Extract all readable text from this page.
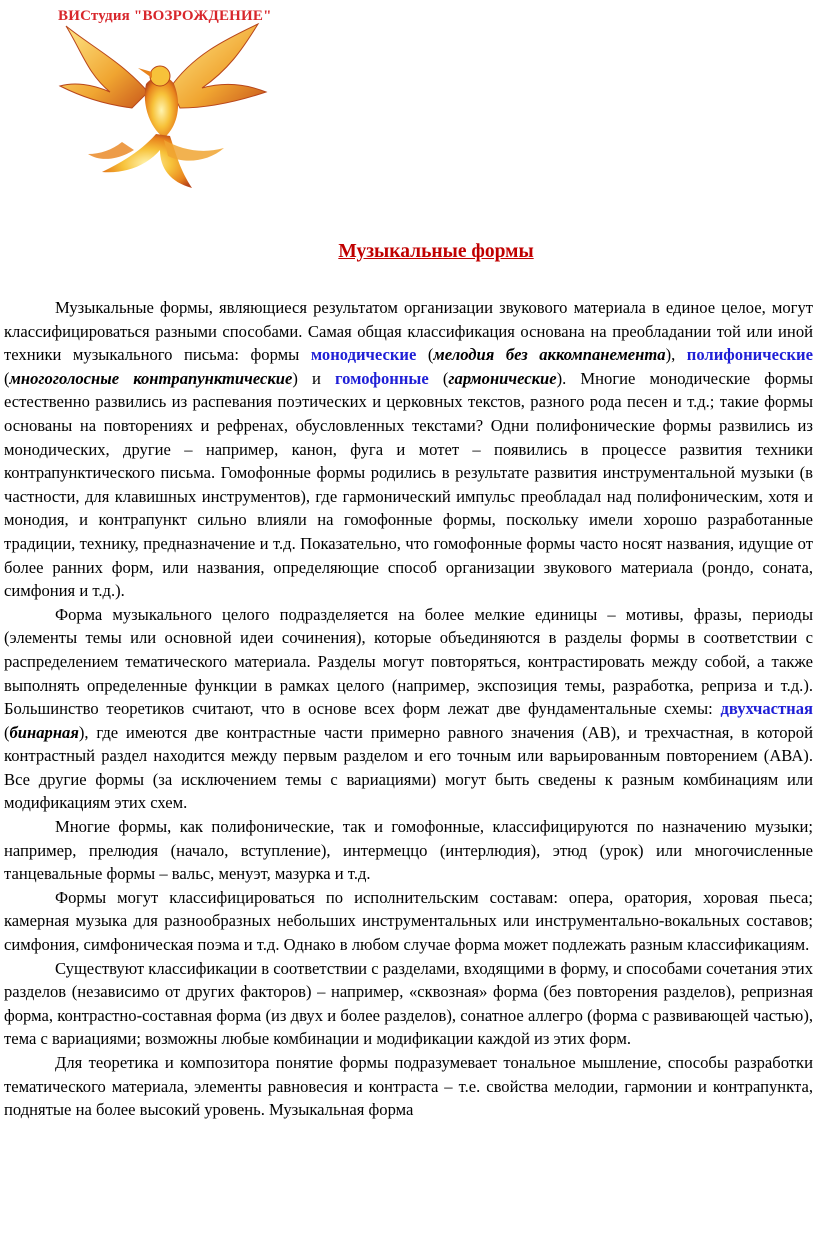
ВИСтудия "ВОЗРОЖДЕНИЕ"
Музыкальные формы

Музыкальные формы, являющиеся результатом организации звукового материала в единое целое, могут классифицироваться разными способами. Самая общая классификация основана на преобладании той или иной техники музыкального письма: формы монодические (мелодия без аккомпанемента), полифонические (многоголосные контрапунктические) и гомофонные (гармонические). Многие монодические формы естественно развились из распевания поэтических и церковных текстов, разного рода песен и т.д.; такие формы основаны на повторениях и рефренах, обусловленных текстами? Одни полифонические формы развились из монодических, другие – например, канон, фуга и мотет – появились в процессе развития техники контрапунктического письма. Гомофонные формы родились в результате развития инструментальной музыки (в частности, для клавишных инструментов), где гармонический импульс преобладал над полифоническим, хотя и монодия, и контрапункт сильно влияли на гомофонные формы, поскольку имели хорошо разработанные традиции, технику, предназначение и т.д. Показательно, что гомофонные формы часто носят названия, идущие от более ранних форм, или названия, определяющие способ организации звукового материала (рондо, соната, симфония и т.д.).

Форма музыкального целого подразделяется на более мелкие единицы – мотивы, фразы, периоды (элементы темы или основной идеи сочинения), которые объединяются в разделы формы в соответствии с распределением тематического материала. Разделы могут повторяться, контрастировать между собой, а также выполнять определенные функции в рамках целого (например, экспозиция темы, разработка, реприза и т.д.). Большинство теоретиков считают, что в основе всех форм лежат две фундаментальные схемы: двухчастная (бинарная), где имеются две контрастные части примерно равного значения (АВ), и трехчастная, в которой контрастный раздел находится между первым разделом и его точным или варьированным повторением (АВА). Все другие формы (за исключением темы с вариациями) могут быть сведены к разным комбинациям или модификациям этих схем.

Многие формы, как полифонические, так и гомофонные, классифицируются по назначению музыки; например, прелюдия (начало, вступление), интермеццо (интерлюдия), этюд (урок) или многочисленные танцевальные формы – вальс, менуэт, мазурка и т.д.

Формы могут классифицироваться по исполнительским составам: опера, оратория, хоровая пьеса; камерная музыка для разнообразных небольших инструментальных или инструментально-вокальных составов; симфония, симфоническая поэма и т.д. Однако в любом случае форма может подлежать разным классификациям.

Существуют классификации в соответствии с разделами, входящими в форму, и способами сочетания этих разделов (независимо от других факторов) – например, «сквозная» форма (без повторения разделов), репризная форма, контрастно-составная форма (из двух и более разделов), сонатное аллегро (форма с развивающей частью), тема с вариациями; возможны любые комбинации и модификации каждой из этих форм.

Для теоретика и композитора понятие формы подразумевает тональное мышление, способы разработки тематического материала, элементы равновесия и контраста – т.е. свойства мелодии, гармонии и контрапункта, поднятые на более высокий уровень. Музыкальная форма
